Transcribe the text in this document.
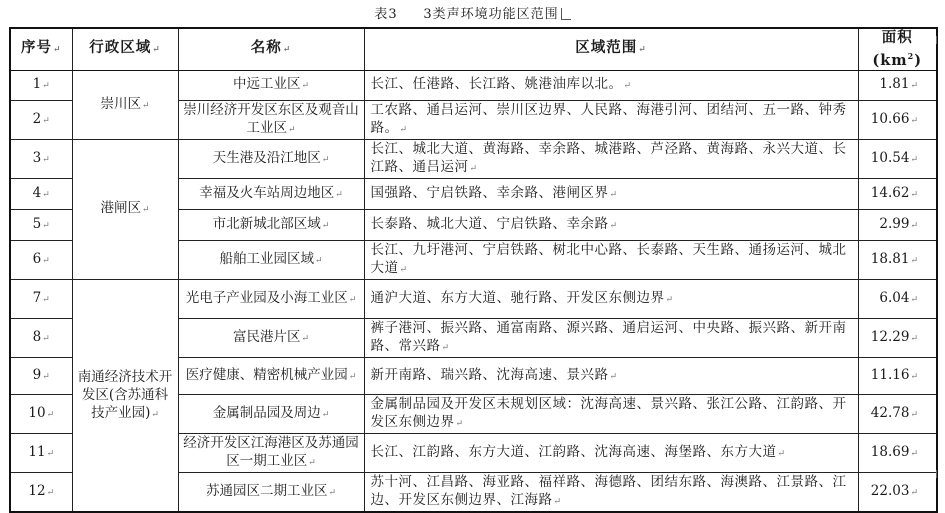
表3 3类声环境功能区范围
序号 ↵	行政区域 ↵	名称 ↵	区域范围 ↵	面积$(km^2)$
1 ↵	崇川区 ↵	中远工业区 ↵	长江、任港路、长江路、姚港油库以北。 ↵	1.81 ↵
2 ↵		崇川经济开发区东区及观音山工业区 ↵	工农路、通吕运河、崇川区边界、人民路、海港引河、团结河、五一路、钟秀路。 ↵	10.66 ↵
3 ↵	港闸区 ↵	天生港及沿江地区 ↵	长江、城北大道、黄海路、幸余路、城港路、芦泾路、黄海路、永兴大道、长江路、通吕运河 ↵	10.54 ↵
4 ↵		幸福及火车站周边地区 ↵	国强路、宁启铁路、幸余路、港闸区界 ↵	14.62 ↵
5 ↵		市北新城北部区域 ↵	长泰路、城北大道、宁启铁路、幸余路 ↵	2.99 ↵
6 ↵		船舶工业园区域 ↵	长江、九圩港河、宁启铁路、树北中心路、长泰路、天生路、通扬运河、城北大道 ↵	18.81 ↵
7 ↵	南通经济技术开发区(含苏通科技产业园) ↵	光电子产业园及小海工业区 ↵	通沪大道、东方大道、驰行路、开发区东侧边界 ↵	6.04 ↵
8 ↵		富民港片区 ↵	裤子港河、振兴路、通富南路、源兴路、通启运河、中央路、振兴路、新开南路、常兴路 ↵	12.29 ↵
9 ↵		医疗健康、精密机械产业园 ↵	新开南路、瑞兴路、沈海高速、景兴路 ↵	11.16 ↵
10 ↵		金属制品园及周边 ↵	金属制品园及开发区未规划区域：沈海高速、景兴路、张江公路、江韵路、开发区东侧边界 ↵	42.78 ↵
11 ↵		经济开发区江海港区及苏通园区一期工业区 ↵	长江、江韵路、东方大道、江韵路、沈海高速、海堡路、东方大道 ↵	18.69 ↵
12 ↵		苏通园区二期工业区 ↵	苏十河、江昌路、海亚路、福祥路、海德路、团结东路、海澳路、江景路、江边、开发区东侧边界、江海路 ↵	22.03 ↵
